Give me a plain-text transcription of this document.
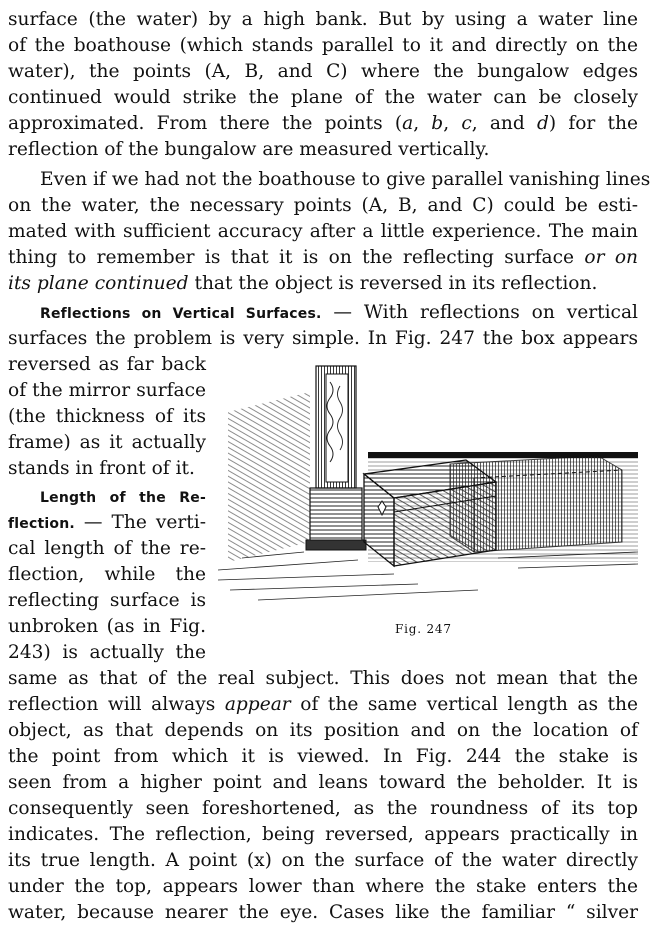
surface (the water) by a high bank. But by using a water line
of the boathouse (which stands parallel to it and directly on the
water), the points (A, B, and C) where the bungalow edges
continued would strike the plane of the water can be closely
approximated. From there the points (a, b, c, and d) for the
reflection of the bungalow are measured vertically.
Even if we had not the boathouse to give parallel vanishing lines
on the water, the necessary points (A, B, and C) could be esti-
mated with sufficient accuracy after a little experience. The main
thing to remember is that it is on the reflecting surface or on
its plane continued that the object is reversed in its reflection.
Reflections on Vertical Surfaces. — With reflections on vertical
surfaces the problem is very simple. In Fig. 247 the box appears
reversed as far back
of the mirror surface
(the thickness of its
frame) as it actually
stands in front of it.
Length of the Re-
flection. — The verti-
cal length of the re-
flection, while the
reflecting surface is
unbroken (as in Fig.
243) is actually the
same as that of the real subject. This does not mean that the
reflection will always appear of the same vertical length as the
object, as that depends on its position and on the location of
the point from which it is viewed. In Fig. 244 the stake is
seen from a higher point and leans toward the beholder. It is
consequently seen foreshortened, as the roundness of its top
indicates. The reflection, being reversed, appears practically in
its true length. A point (x) on the surface of the water directly
under the top, appears lower than where the stake enters the
water, because nearer the eye. Cases like the familiar “ silver
Fig. 247
